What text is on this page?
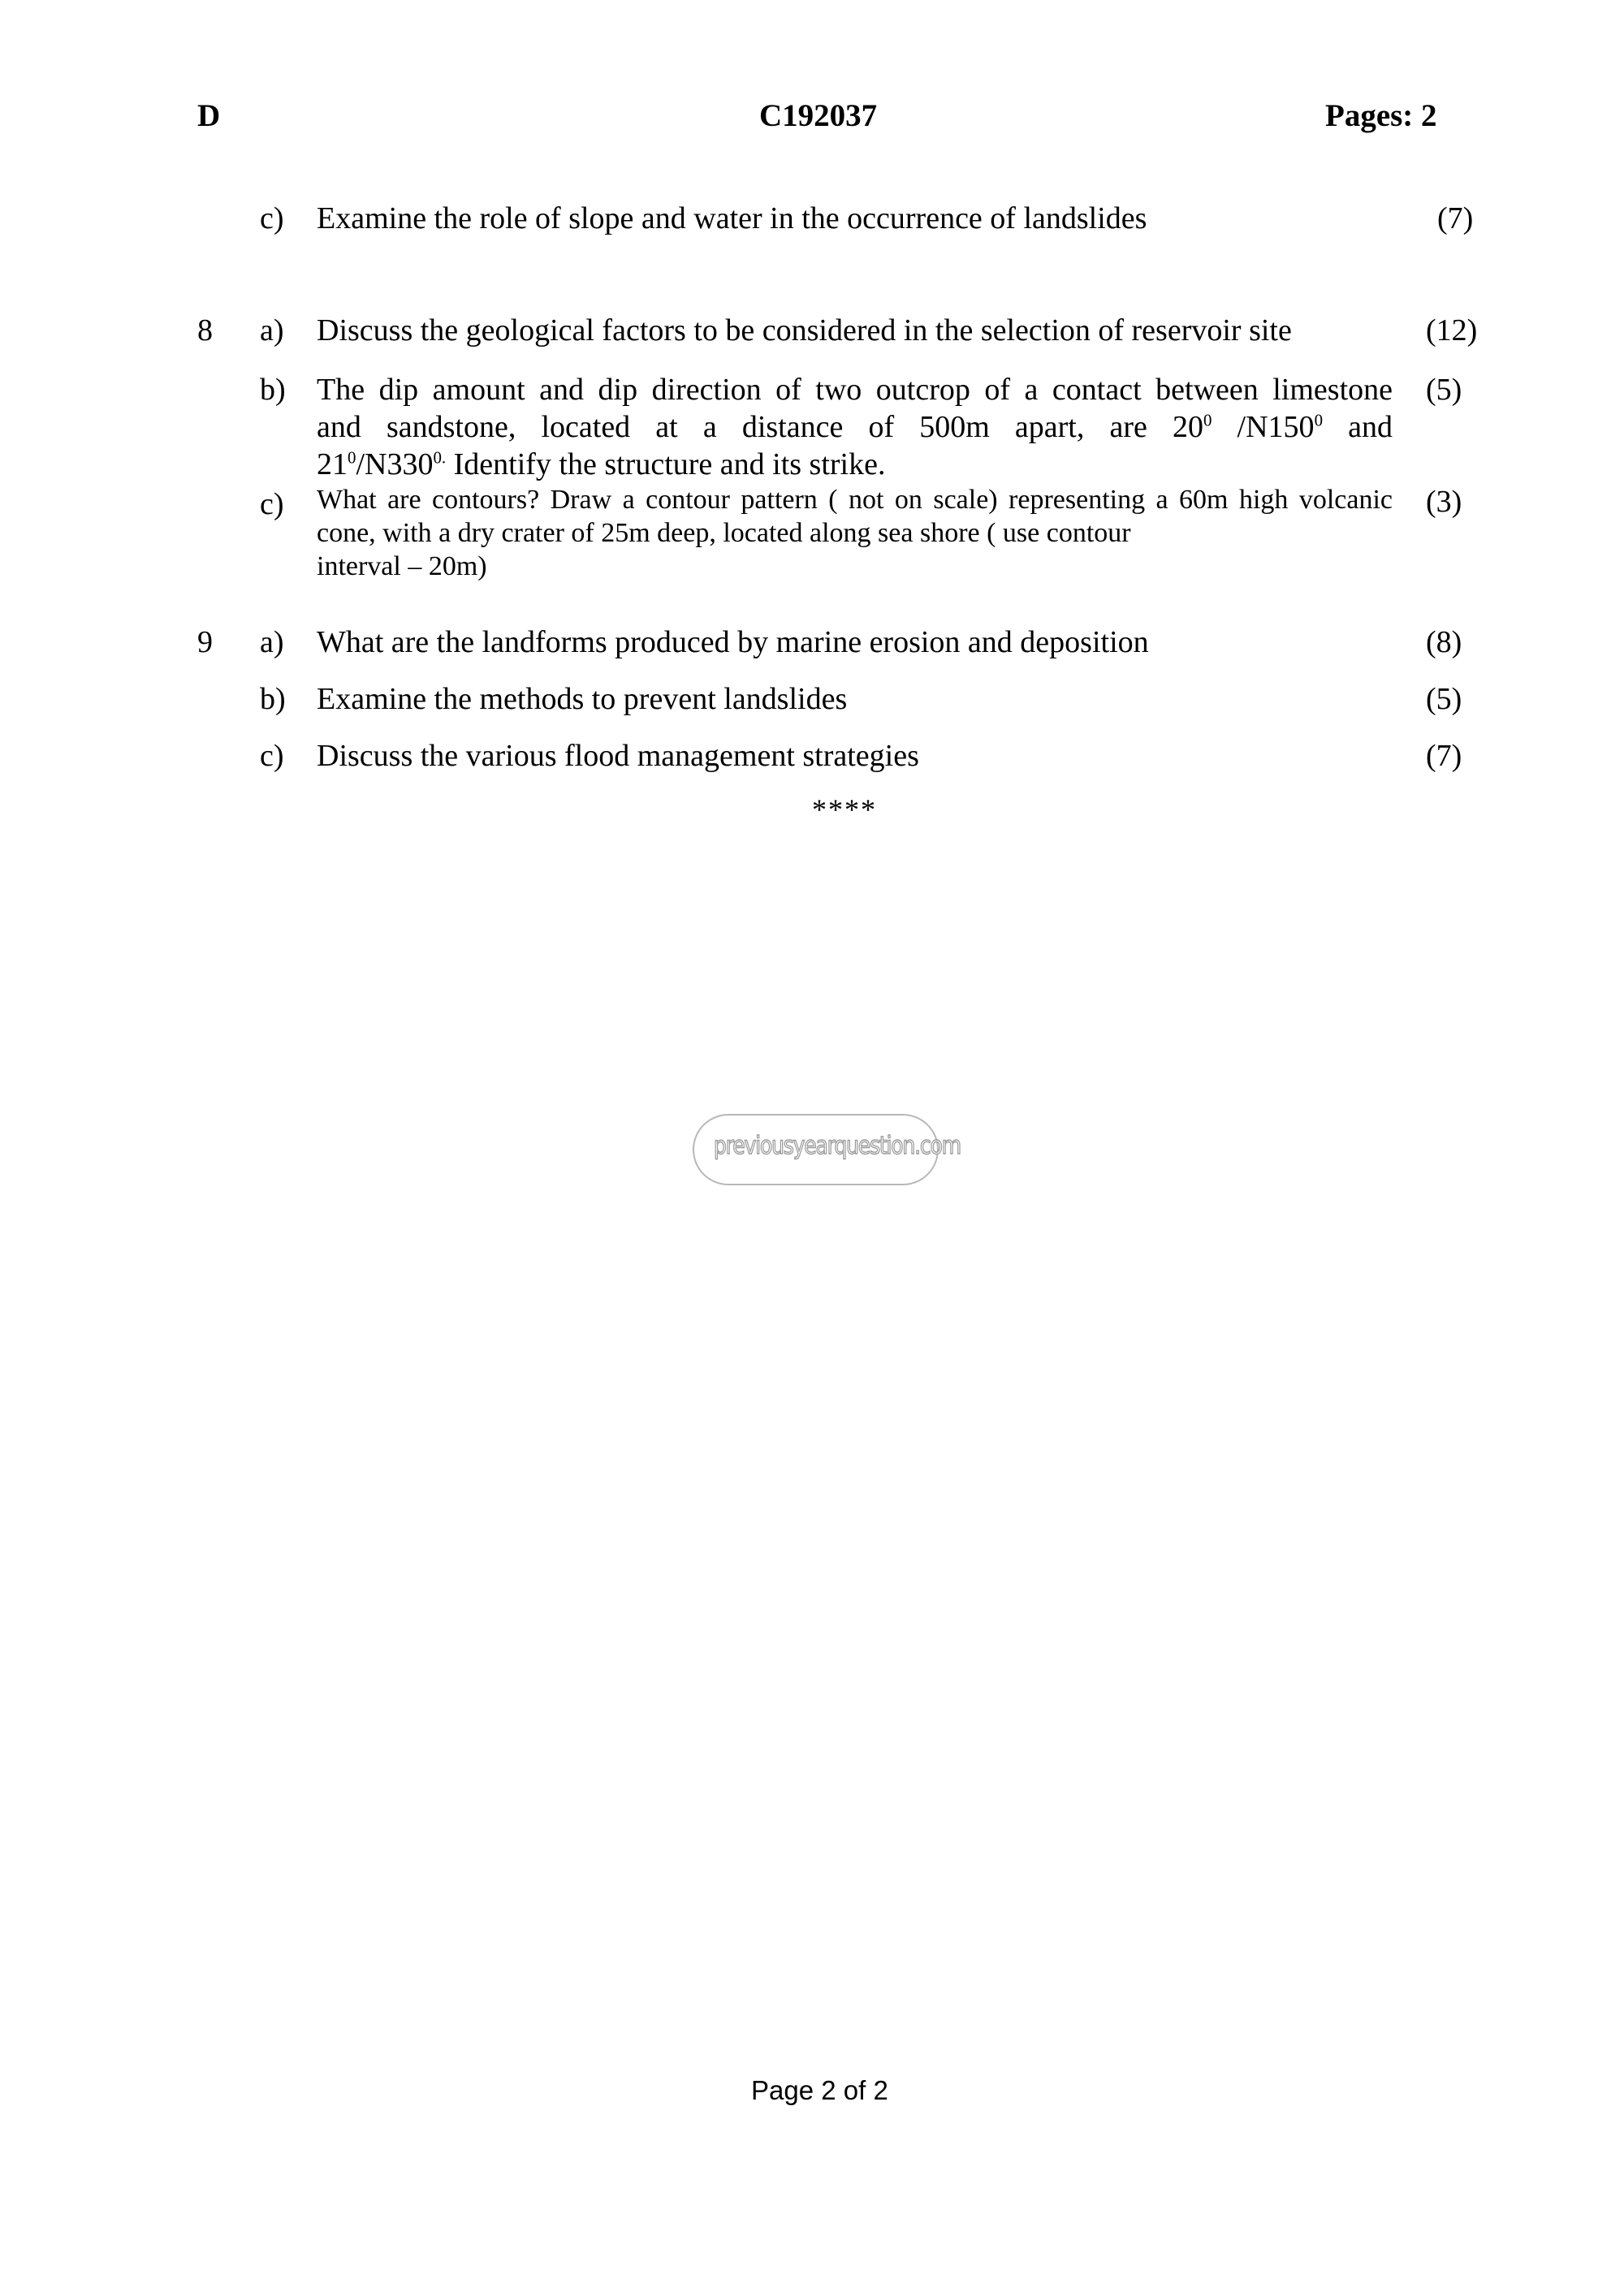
D	C192037	Pages: 2
c) Examine the role of slope and water in the occurrence of landslides	(7)
8 a) Discuss the geological factors to be considered in the selection of reservoir site	(12)
b) The dip amount and dip direction of two outcrop of a contact between limestone
and sandstone, located at a distance of 500m apart, are $20^0$ $/N150^0$ and
$21^0/N330^{0.}$ Identify the structure and its strike.
(5)
c) What are contours? Draw a contour pattern ( not on scale) representing a 60m high volcanic cone, with a dry crater of 25m deep, located along sea shore ( use contour
interval – 20m)
(3)
9 a) What are the landforms produced by marine erosion and deposition	(8)
b) Examine the methods to prevent landslides	(5)
c) Discuss the various flood management strategies	(7)
****
previousyearquestion.com
Page 2 of 2
